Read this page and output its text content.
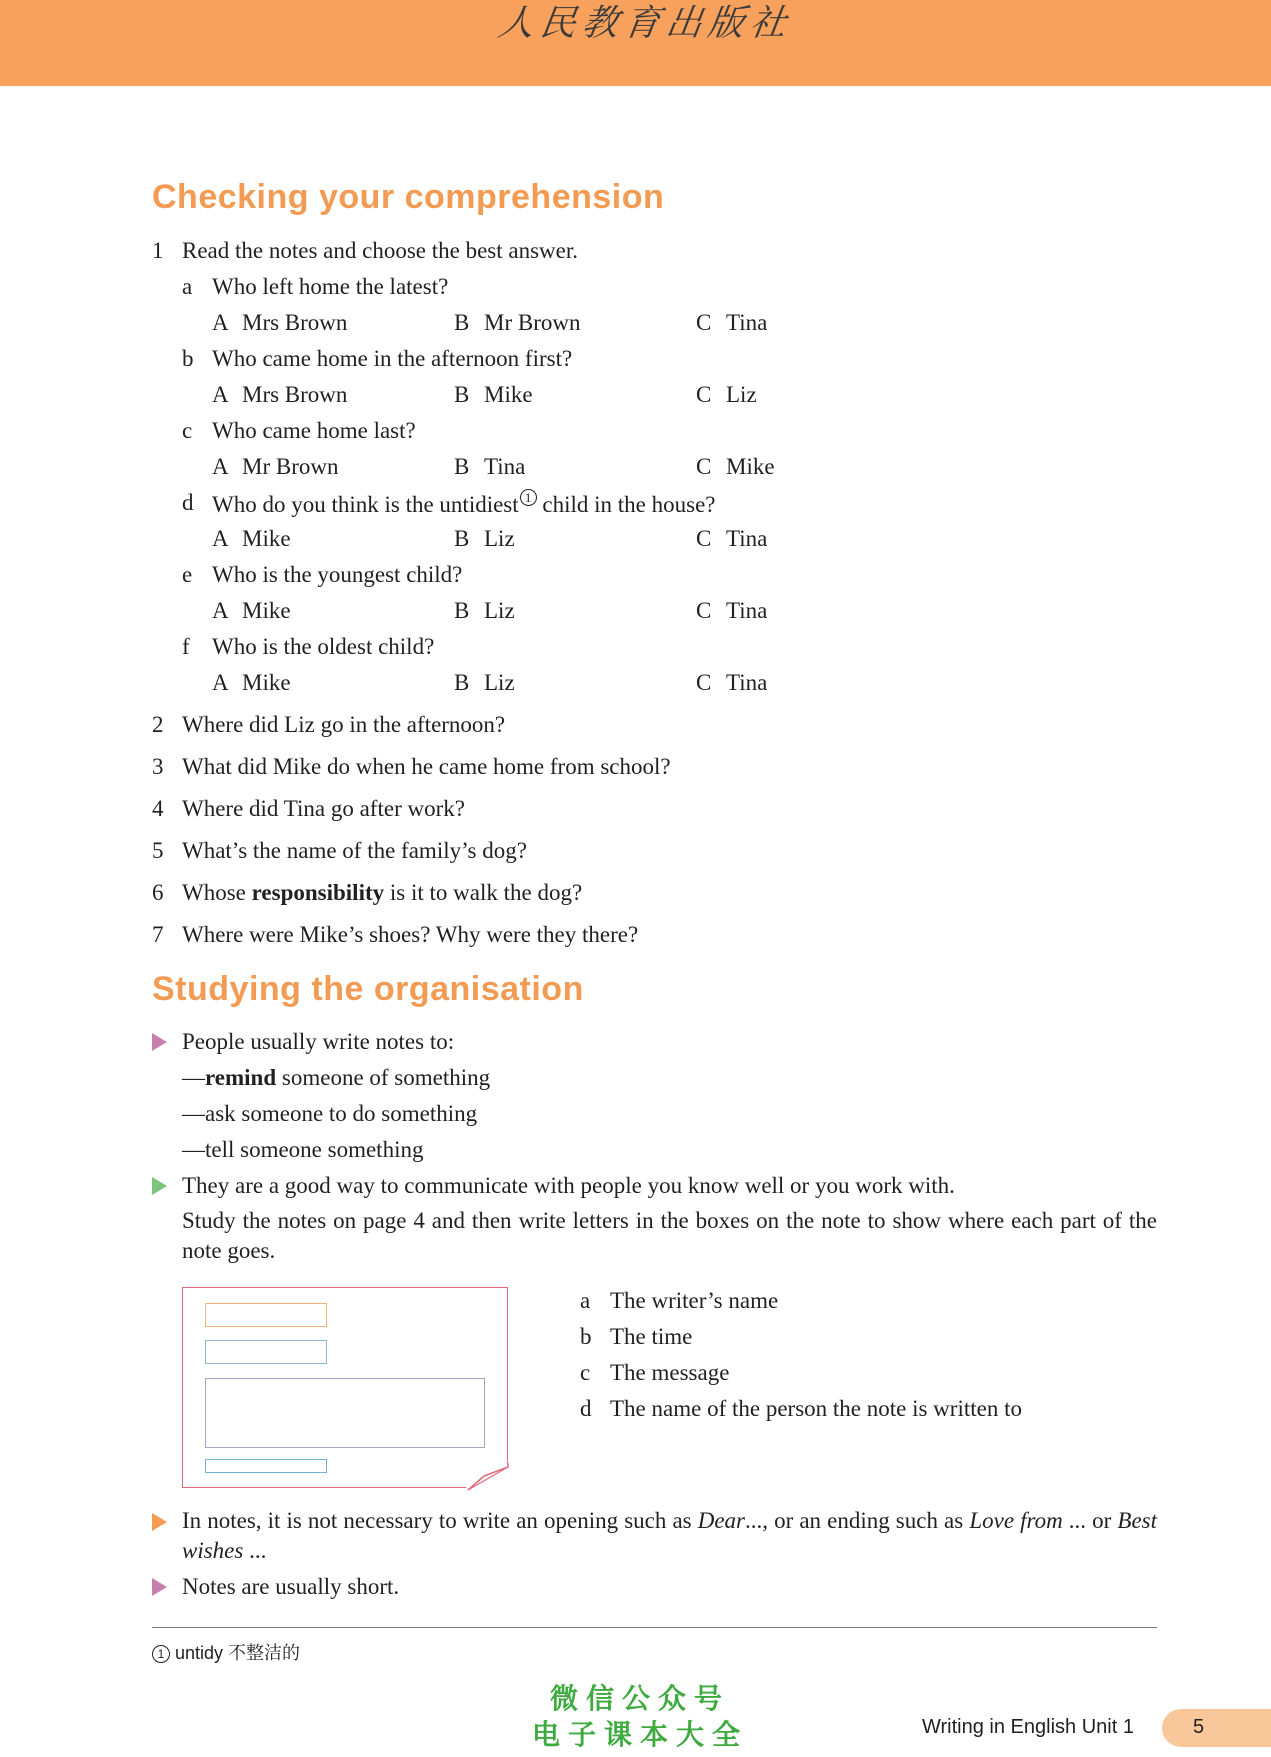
人民教育出版社
Checking your comprehension
1 Read the notes and choose the best answer.
a Who left home the latest?
A Mrs Brown	B Mr Brown	C Tina
b Who came home in the afternoon first?
A Mrs Brown	B Mike	C Liz
c Who came home last?
A Mr Brown	B Tina	C Mike
d Who do you think is the untidiest $^1$ child in the house?
A Mike	B Liz	C Tina
e Who is the youngest child?
A Mike	B Liz	C Tina
f Who is the oldest child?
A Mike	B Liz	C Tina
2 Where did Liz go in the afternoon?
3 What did Mike do when he came home from school?
4 Where did Tina go after work?
5 What’s the name of the family’s dog?
6 Whose responsibility is it to walk the dog?
7 Where were Mike’s shoes? Why were they there?
Studying the organisation
People usually write notes to:
—remind someone of something
—ask someone to do something
—tell someone something
They are a good way to communicate with people you know well or you work with.
Study the notes on page 4 and then write letters in the boxes on the note to show where each part of the note goes.
a The writer’s name
b The time
c The message
d The name of the person the note is written to
In notes, it is not necessary to write an opening such as Dear..., or an ending such as Love from ... or Best wishes ...
Notes are usually short.
1 untidy 不整洁的
微信公众号
电子课本大全	Writing in English Unit 1	5
